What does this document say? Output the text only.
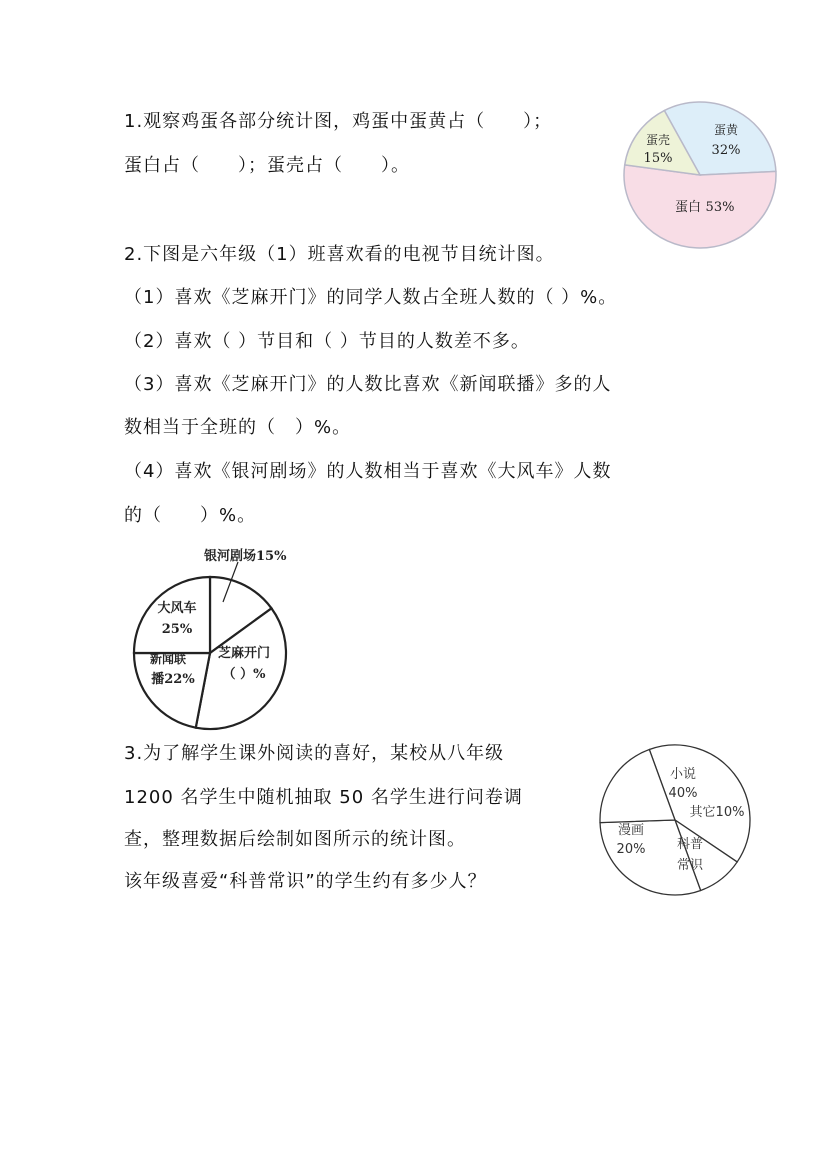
1.观察鸡蛋各部分统计图，鸡蛋中蛋黄占（　　）；
蛋白占（　　）；蛋壳占（　　）。
蛋黄
32%
蛋壳
15%
蛋白 53%
2.下图是六年级（1）班喜欢看的电视节目统计图。
（1）喜欢《芝麻开门》的同学人数占全班人数的（ ）%。
（2）喜欢（ ）节目和（ ）节目的人数差不多。
（3）喜欢《芝麻开门》的人数比喜欢《新闻联播》多的人
数相当于全班的（　）%。
（4）喜欢《银河剧场》的人数相当于喜欢《大风车》人数
的（　　）%。
银河剧场15%
大风车
25%
新闻联
播22%
芝麻开门
（ ）%
3.为了解学生课外阅读的喜好，某校从八年级
1200 名学生中随机抽取 50 名学生进行问卷调
查，整理数据后绘制如图所示的统计图。
该年级喜爱“科普常识”的学生约有多少人？
小说
40%
其它10%
漫画
20% 科普
常识
